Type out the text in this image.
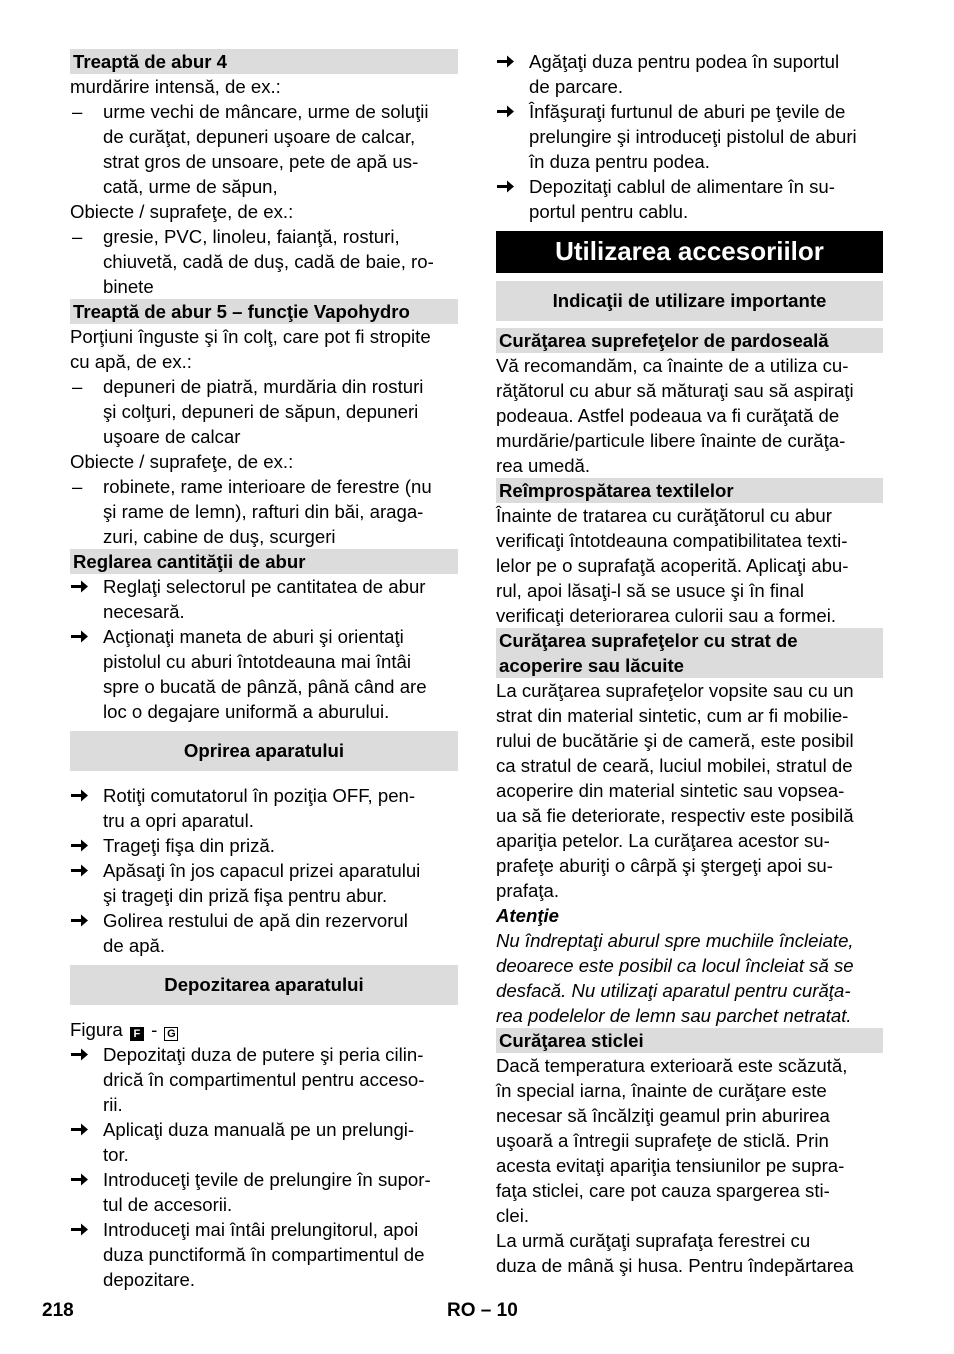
Treaptă de abur 4
murdărire intensă, de ex.:
–	urme vechi de mâncare, urme de soluţii
de curăţat, depuneri uşoare de calcar,
strat gros de unsoare, pete de apă us-
cată, urme de săpun,
Obiecte / suprafeţe, de ex.:
–	gresie, PVC, linoleu, faianţă, rosturi,
chiuvetă, cadă de duş, cadă de baie, ro-
binete
Treaptă de abur 5 – funcţie Vapohydro
Porţiuni înguste şi în colţ, care pot fi stropite
cu apă, de ex.:
–	depuneri de piatră, murdăria din rosturi
şi colţuri, depuneri de săpun, depuneri
uşoare de calcar
Obiecte / suprafeţe, de ex.:
–	robinete, rame interioare de ferestre (nu
şi rame de lemn), rafturi din băi, araga-
zuri, cabine de duş, scurgeri
Reglarea cantităţii de abur
Reglaţi selectorul pe cantitatea de abur
necesară.
Acţionaţi maneta de aburi şi orientaţi
pistolul cu aburi întotdeauna mai întâi
spre o bucată de pânză, până când are
loc o degajare uniformă a aburului.
Oprirea aparatului
Rotiţi comutatorul în poziţia OFF, pen-
tru a opri aparatul.
Trageţi fişa din priză.
Apăsaţi în jos capacul prizei aparatului
şi trageţi din priză fişa pentru abur.
Golirea restului de apă din rezervorul
de apă.
Depozitarea aparatului
Figura F - G
Depozitaţi duza de putere şi peria cilin-
drică în compartimentul pentru acceso-
rii.
Aplicaţi duza manuală pe un prelungi-
tor.
Introduceţi ţevile de prelungire în supor-
tul de accesorii.
Introduceţi mai întâi prelungitorul, apoi
duza punctiformă în compartimentul de
depozitare.
Agăţaţi duza pentru podea în suportul
de parcare.
Înfăşuraţi furtunul de aburi pe ţevile de
prelungire şi introduceţi pistolul de aburi
în duza pentru podea.
Depozitaţi cablul de alimentare în su-
portul pentru cablu.
Utilizarea accesoriilor
Indicaţii de utilizare importante
Curăţarea suprefeţelor de pardoseală
Vă recomandăm, ca înainte de a utiliza cu-
răţătorul cu abur să măturaţi sau să aspiraţi
podeaua. Astfel podeaua va fi curăţată de
murdărie/particule libere înainte de curăţa-
rea umedă.
Reîmprospătarea textilelor
Înainte de tratarea cu curăţătorul cu abur
verificaţi întotdeauna compatibilitatea texti-
lelor pe o suprafaţă acoperită. Aplicaţi abu-
rul, apoi lăsaţi-l să se usuce şi în final
verificaţi deteriorarea culorii sau a formei.
Curăţarea suprafeţelor cu strat de
acoperire sau lăcuite
La curăţarea suprafeţelor vopsite sau cu un
strat din material sintetic, cum ar fi mobilie-
rului de bucătărie şi de cameră, este posibil
ca stratul de ceară, luciul mobilei, stratul de
acoperire din material sintetic sau vopsea-
ua să fie deteriorate, respectiv este posibilă
apariţia petelor. La curăţarea acestor su-
prafeţe aburiţi o cârpă şi ştergeţi apoi su-
prafaţa.
Atenţie
Nu îndreptaţi aburul spre muchiile încleiate,
deoarece este posibil ca locul încleiat să se
desfacă. Nu utilizaţi aparatul pentru curăţa-
rea podelelor de lemn sau parchet netratat.
Curăţarea sticlei
Dacă temperatura exterioară este scăzută,
în special iarna, înainte de curăţare este
necesar să încălziţi geamul prin aburirea
uşoară a întregii suprafeţe de sticlă. Prin
acesta evitaţi apariţia tensiunilor pe supra-
faţa sticlei, care pot cauza spargerea sti-
clei.
La urmă curăţaţi suprafaţa ferestrei cu
duza de mână şi husa. Pentru îndepărtarea
218	RO – 10
